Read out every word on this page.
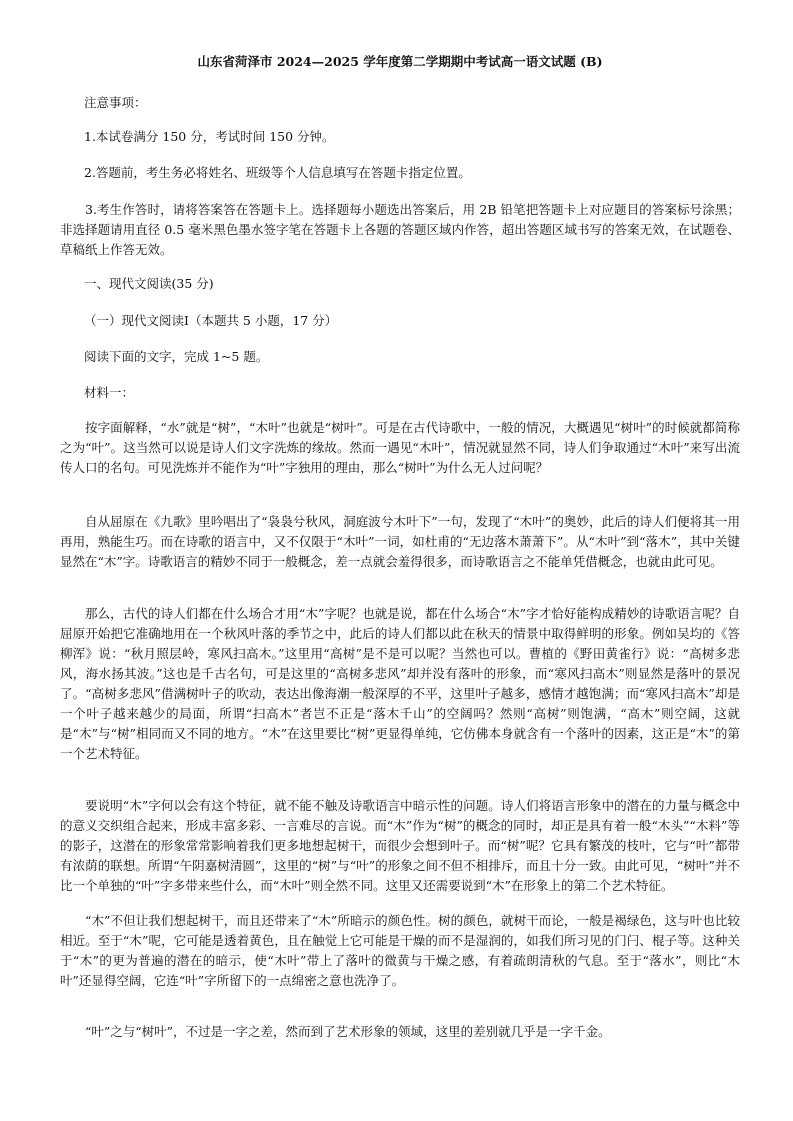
山东省菏泽市 2024—2025 学年度第二学期期中考试高一语文试题 (B)
注意事项：
1.本试卷满分 150 分，考试时间 150 分钟。
2.答题前，考生务必将姓名、班级等个人信息填写在答题卡指定位置。
3.考生作答时，请将答案答在答题卡上。选择题每小题选出答案后，用 2B 铅笔把答题卡上对应题目的答案标号涂黑；非选择题请用直径 0.5 毫米黑色墨水签字笔在答题卡上各题的答题区域内作答，超出答题区域书写的答案无效，在试题卷、草稿纸上作答无效。
一、现代文阅读(35 分)
（一）现代文阅读Ⅰ（本题共 5 小题，17 分）
阅读下面的文字，完成 1~5 题。
材料一：
按字面解释，“水”就是“树”，“木叶”也就是“树叶”。可是在古代诗歌中，一般的情况，大概遇见“树叶”的时候就都简称之为“叶”。这当然可以说是诗人们文字洗炼的缘故。然而一遇见“木叶”，情况就显然不同，诗人们争取通过“木叶”来写出流传人口的名句。可见洗炼并不能作为“叶”字独用的理由，那么“树叶”为什么无人过问呢？
自从屈原在《九歌》里吟唱出了“袅袅兮秋风，洞庭波兮木叶下”一句，发现了“木叶”的奥妙，此后的诗人们便将其一用再用，熟能生巧。而在诗歌的语言中，又不仅限于“木叶”一词，如杜甫的“无边落木萧萧下”。从“木叶”到“落木”，其中关键显然在“木”字。诗歌语言的精妙不同于一般概念，差一点就会羞得很多，而诗歌语言之不能单凭借概念，也就由此可见。
那么，古代的诗人们都在什么场合才用“木”字呢？也就是说，都在什么场合“木”字才恰好能构成精妙的诗歌语言呢？自屈原开始把它准确地用在一个秋风叶落的季节之中，此后的诗人们都以此在秋天的情景中取得鲜明的形象。例如吴均的《答柳浑》说：“秋月照层岭，寒风扫高木。”这里用“高树”是不是可以呢？当然也可以。曹植的《野田黄雀行》说：“高树多悲风，海水扬其波。”这也是千古名句，可是这里的“高树多悲风”却并没有落叶的形象，而“寒风扫高木”则显然是落叶的景况了。“高树多悲风”借满树叶子的吹动，表达出像海潮一般深厚的不平，这里叶子越多，感情才越饱满；而“寒风扫高木”却是一个叶子越来越少的局面，所谓“扫高木”者岂不正是“落木千山”的空阔吗？然则“高树”则饱满，“高木”则空阔，这就是“木”与“树”相同而又不同的地方。“木”在这里要比“树”更显得单纯，它仿佛本身就含有一个落叶的因素，这正是“木”的第一个艺术特征。
要说明“木”字何以会有这个特征，就不能不触及诗歌语言中暗示性的问题。诗人们将语言形象中的潜在的力量与概念中的意义交织组合起来，形成丰富多彩、一言难尽的言说。而“木”作为“树”的概念的同时，却正是具有着一般“木头”“木料”等的影子，这潜在的形象常常影响着我们更多地想起树干，而很少会想到叶子。而“树”呢？它具有繁茂的枝叶，它与“叶”都带有浓荫的联想。所谓“午阴嘉树清圆”，这里的“树”与“叶”的形象之间不但不相排斥，而且十分一致。由此可见，“树叶”并不比一个单独的“叶”字多带来些什么，而“木叶”则全然不同。这里又还需要说到“木”在形象上的第二个艺术特征。
“木”不但让我们想起树干，而且还带来了“木”所暗示的颜色性。树的颜色，就树干而论，一般是褐绿色，这与叶也比较相近。至于“木”呢，它可能是透着黄色，且在触觉上它可能是干燥的而不是湿润的，如我们所习见的门闩、棍子等。这种关于“木”的更为普遍的潜在的暗示，使“木叶”带上了落叶的微黄与干燥之感，有着疏朗清秋的气息。至于“落水”，则比“木叶”还显得空阔，它连“叶”字所留下的一点绵密之意也洗净了。
“叶”之与“树叶”，不过是一字之差，然而到了艺术形象的领域，这里的差别就几乎是一字千金。
